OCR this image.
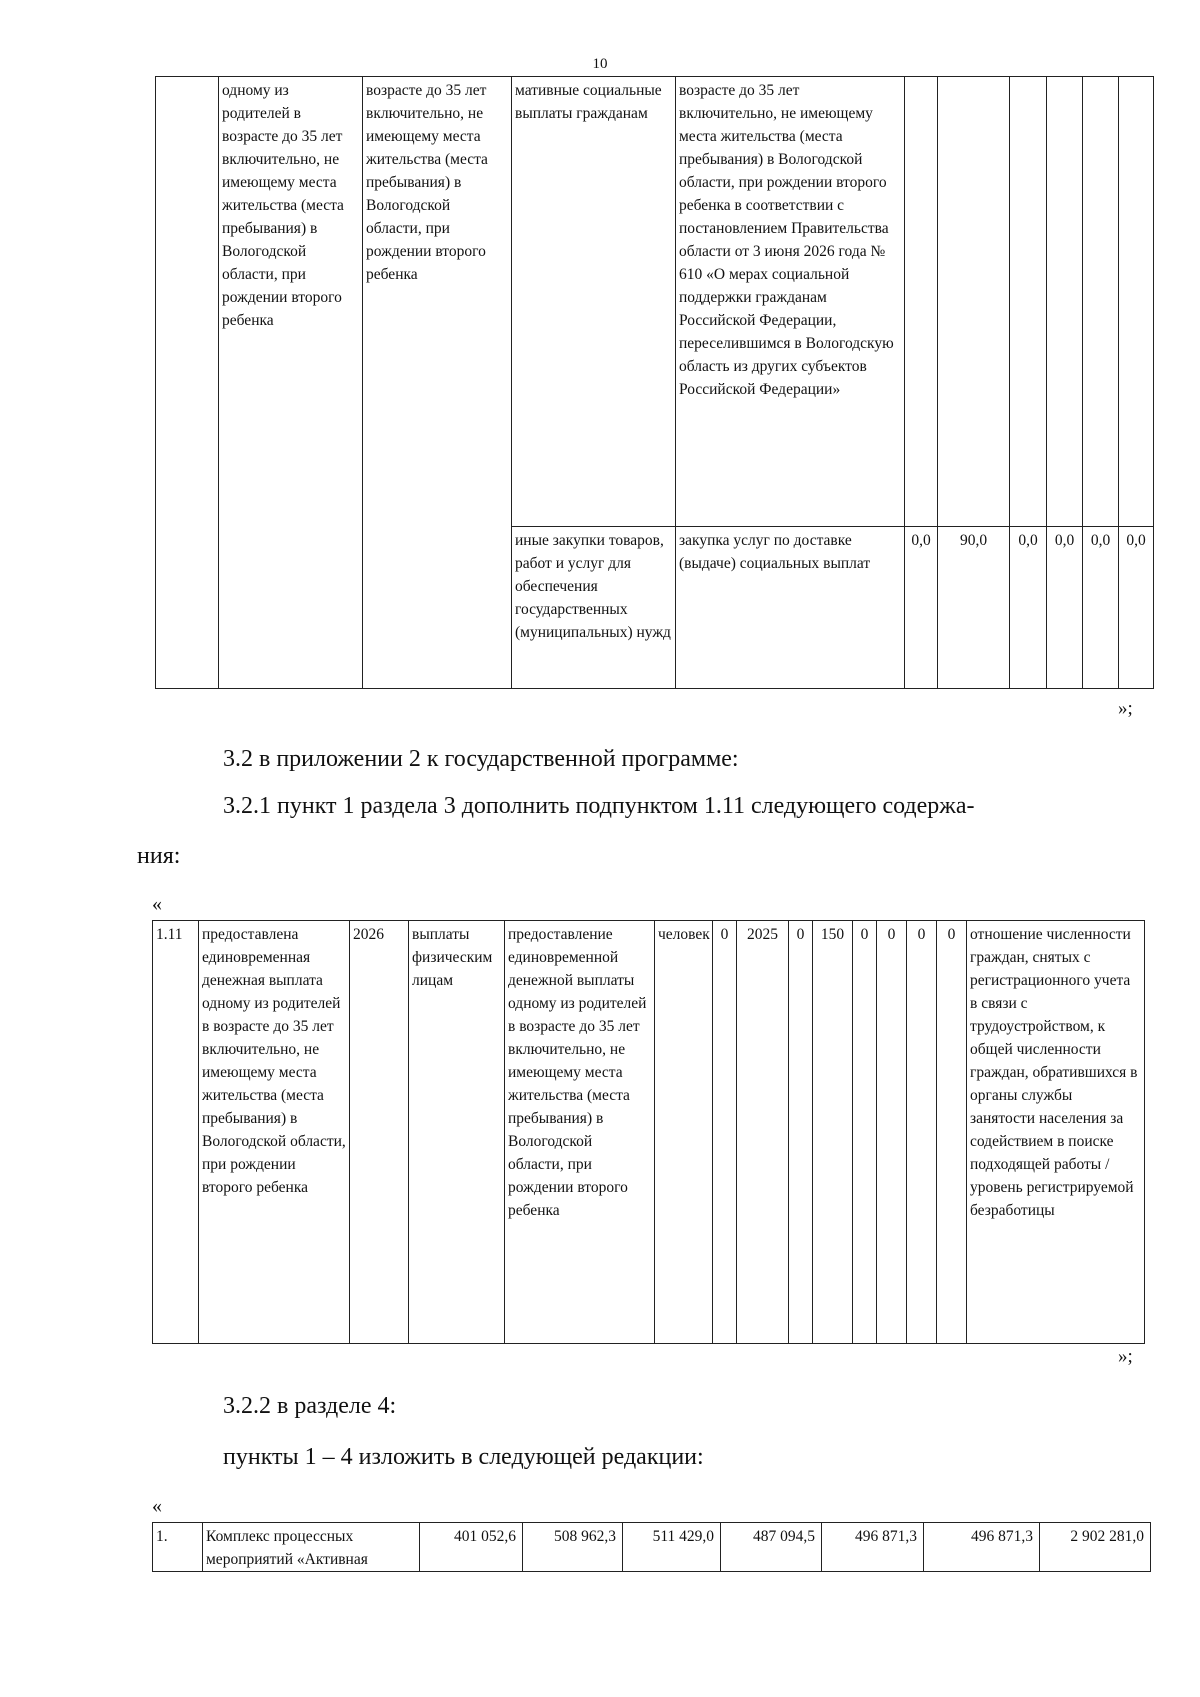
10
	одному из родителей в возрасте до 35 лет включительно, не имеющему места жительства (места пребывания) в Вологодской области, при рождении второго ребенка	возрасте до 35 лет включительно, не имеющему места жительства (места пребывания) в Вологодской области, при рождении второго ребенка	мативные социальные выплаты гражданам	возрасте до 35 лет включительно, не имеющему места жительства (места пребывания) в Вологодской области, при рождении второго ребенка в соответствии с постановлением Правительства области от 3 июня 2026 года № 610 «О мерах социальной поддержки гражданам Российской Федерации, переселившимся в Вологодскую область из других субъектов Российской Федерации»						
			иные закупки товаров, работ и услуг для обеспечения государственных (муниципальных) нужд	закупка услуг по доставке (выдаче) социальных выплат	0,0	90,0	0,0	0,0	0,0	0,0
»;
3.2 в приложении 2 к государственной программе:
3.2.1 пункт 1 раздела 3 дополнить подпунктом 1.11 следующего содержа-
ния:
«
1.11	предоставлена единовременная денежная выплата одному из родителей в возрасте до 35 лет включительно, не имеющему места жительства (места пребывания) в Вологодской области, при рождении второго ребенка	2026	выплаты физическим лицам	предоставление единовременной денежной выплаты одному из родителей в возрасте до 35 лет включительно, не имеющему места жительства (места пребывания) в Вологодской области, при рождении второго ребенка	человек	0	2025	0	150	0	0	0	0	отношение численности граждан, снятых с регистрационного учета в связи с трудоустройством, к общей численности граждан, обратившихся в органы службы занятости населения за содействием в поиске подходящей работы / уровень регистрируемой безработицы
»;
3.2.2 в разделе 4:
пункты 1 – 4 изложить в следующей редакции:
«
1.	Комплекс процессных мероприятий «Активная	401 052,6	508 962,3	511 429,0	487 094,5	496 871,3	496 871,3	2 902 281,0
